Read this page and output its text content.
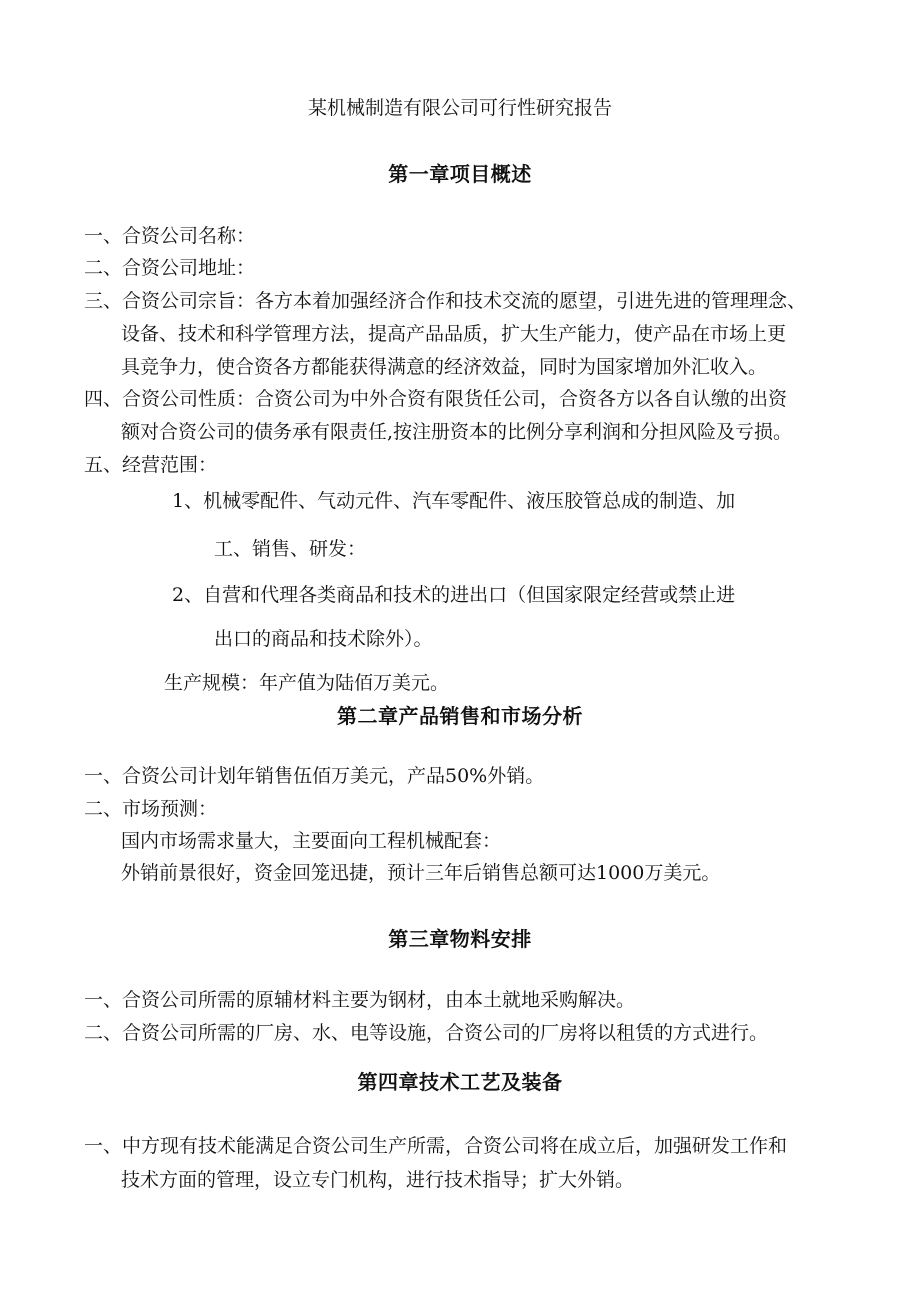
某机械制造有限公司可行性研究报告
第一章项目概述
一、合资公司名称：
二、合资公司地址：
三、合资公司宗旨：各方本着加强经济合作和技术交流的愿望，引进先进的管理理念、
设备、技术和科学管理方法，提高产品品质，扩大生产能力，使产品在市场上更
具竞争力，使合资各方都能获得满意的经济效益，同时为国家增加外汇收入。
四、合资公司性质：合资公司为中外合资有限货任公司，合资各方以各自认缴的出资
额对合资公司的债务承有限责任,按注册资本的比例分享利润和分担风险及亏损。
五、经营范围：
1、机械零配件、气动元件、汽车零配件、液压胶管总成的制造、加
工、销售、研发：
2、自营和代理各类商品和技术的进出口（但国家限定经营或禁止进
出口的商品和技术除外）。
生产规模：年产值为陆佰万美元。
第二章产品销售和市场分析
一、合资公司计划年销售伍佰万美元，产品50%外销。
二、市场预测：
国内市场需求量大，主要面向工程机械配套：
外销前景很好，资金回笼迅捷，预计三年后销售总额可达1000万美元。
第三章物料安排
一、合资公司所需的原辅材料主要为钢材，由本土就地采购解决。
二、合资公司所需的厂房、水、电等设施，合资公司的厂房将以租赁的方式进行。
第四章技术工艺及装备
一、中方现有技术能满足合资公司生产所需，合资公司将在成立后，加强研发工作和
技术方面的管理，设立专门机构，进行技术指导；扩大外销。
